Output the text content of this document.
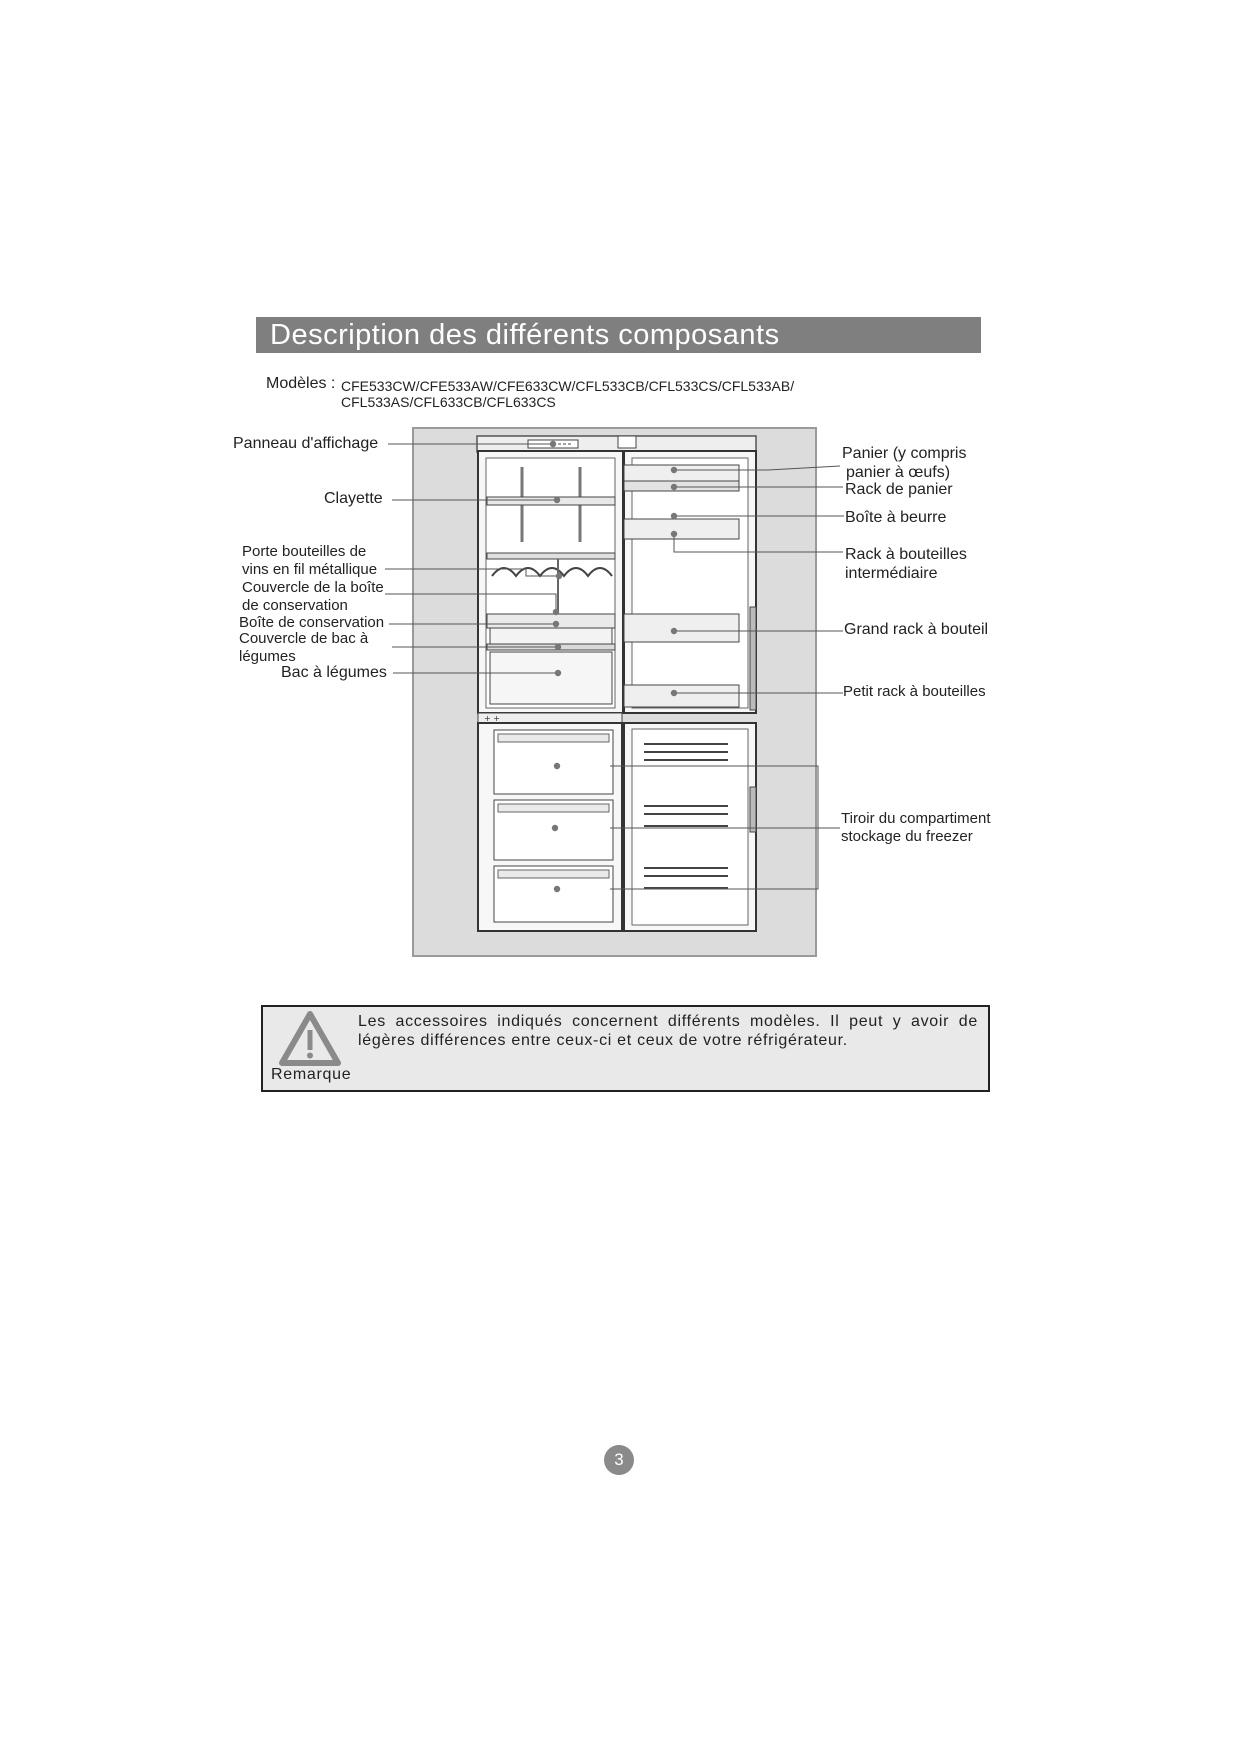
Description des différents composants
Modèles : CFE533CW/CFE533AW/CFE633CW/CFL533CB/CFL533CS/CFL533AB/
CFL533AS/CFL633CB/CFL633CS
+ +
Panneau d'affichage
Clayette
Porte bouteilles de
vins en fil métallique
Couvercle de la boîte
de conservation
Boîte de conservation
Couvercle de bac à
légumes
Bac à légumes
Panier (y compris
panier à œufs)
Rack de panier
Boîte à beurre
Rack à bouteilles
intermédiaire
Grand rack à bouteil
Petit rack à bouteilles
Tiroir du compartiment
stockage du freezer
Les accessoires indiqués concernent différents modèles. Il peut y avoir de légères différences entre ceux-ci et ceux de votre réfrigérateur.
Remarque
3
